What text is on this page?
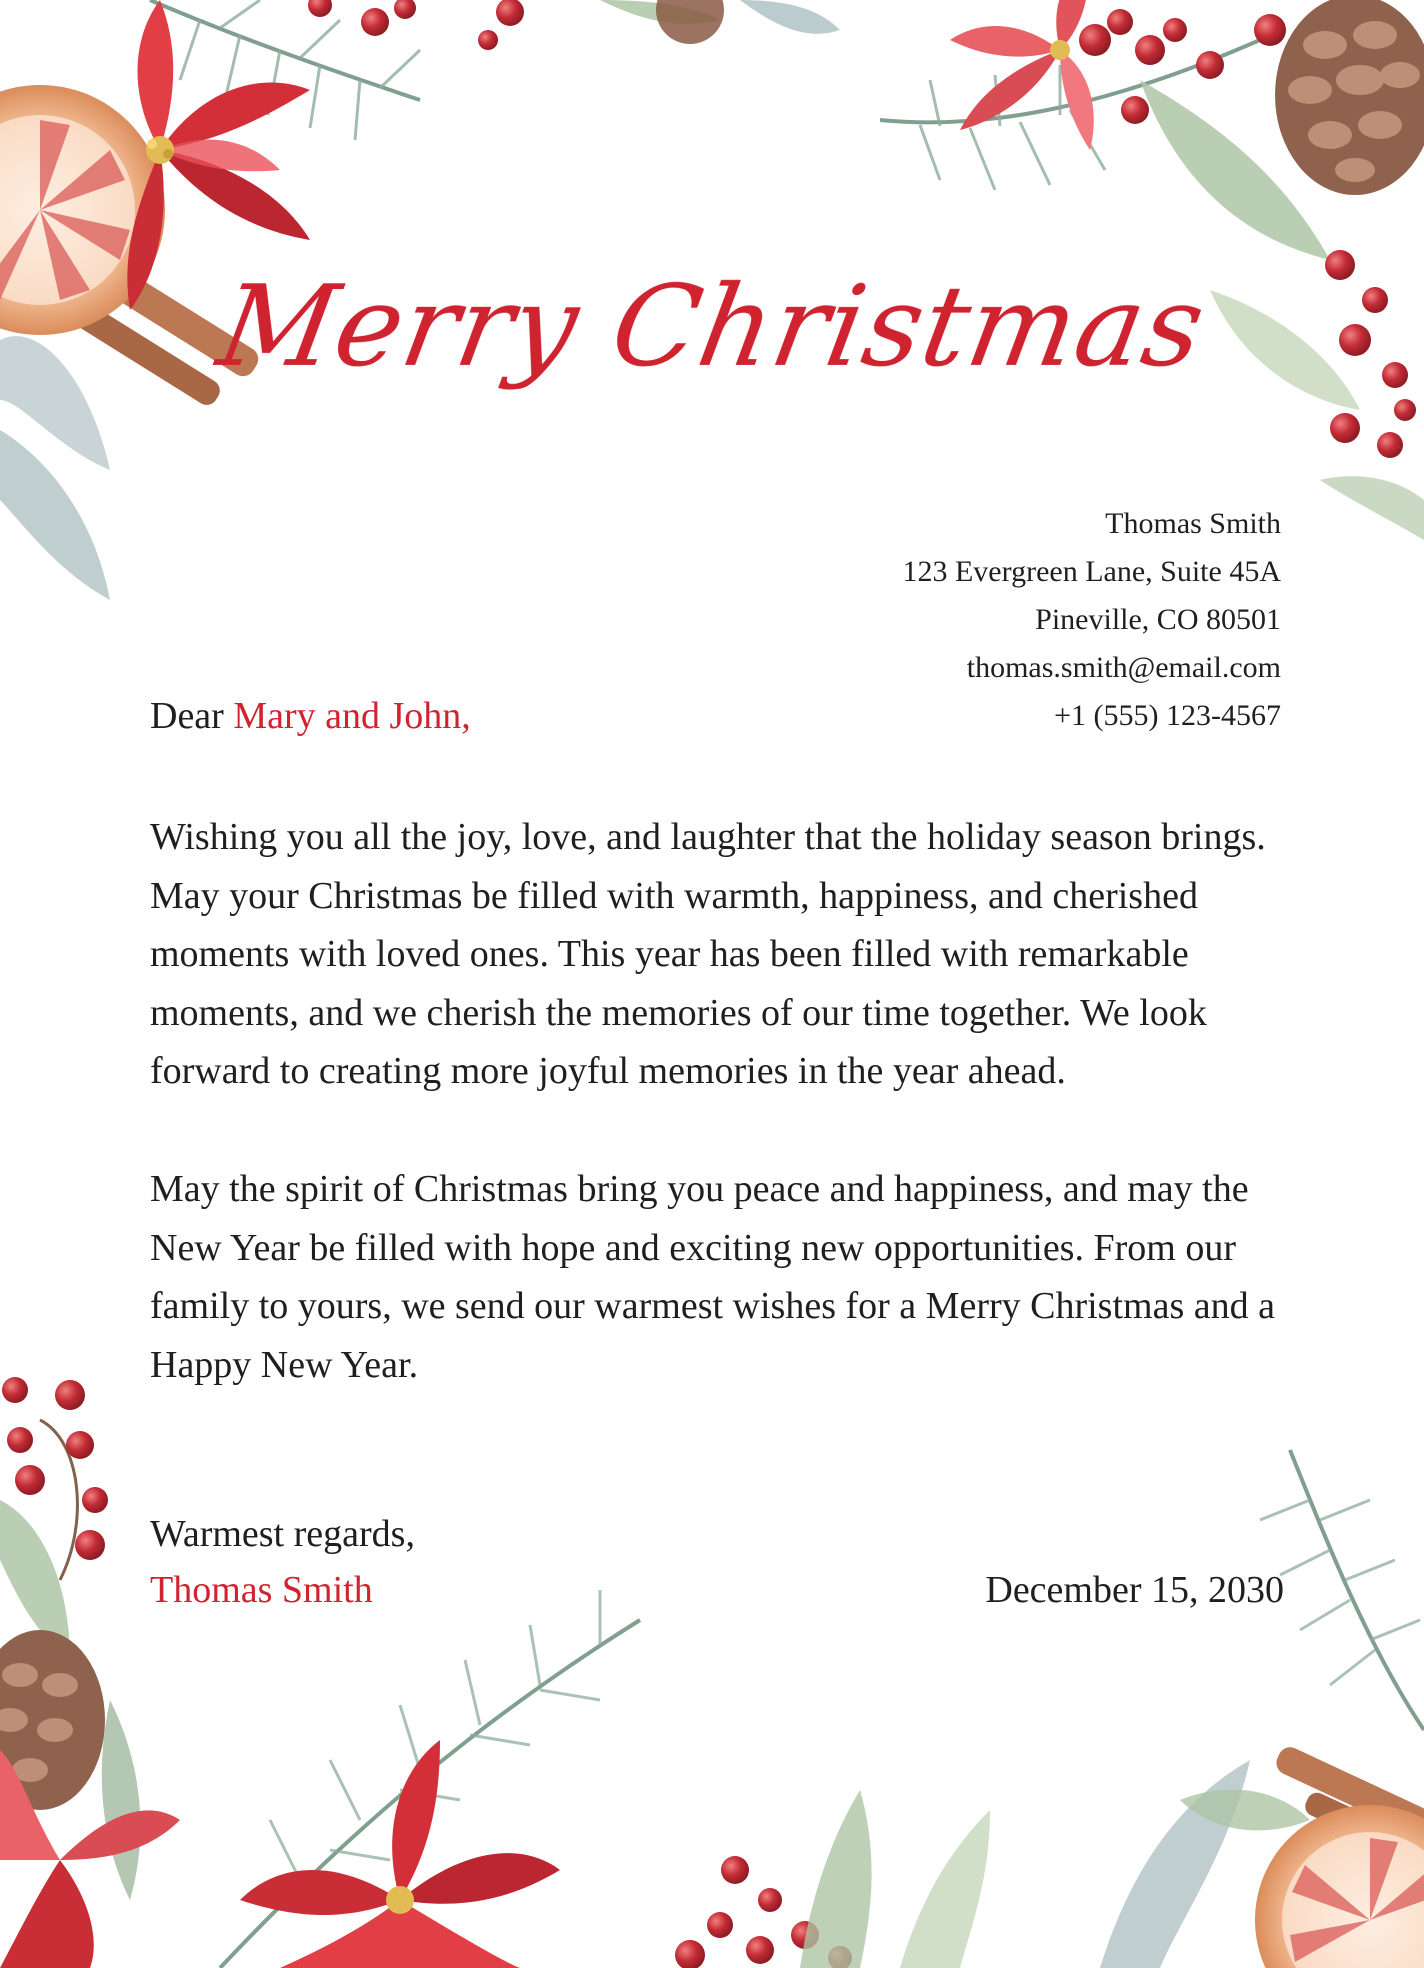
Merry Christmas
Thomas Smith
123 Evergreen Lane, Suite 45A
Pineville, CO 80501
thomas.smith@email.com
+1 (555) 123-4567
Dear Mary and John,
Wishing you all the joy, love, and laughter that the holiday season brings. May your Christmas be filled with warmth, happiness, and cherished moments with loved ones. This year has been filled with remarkable moments, and we cherish the memories of our time together. We look forward to creating more joyful memories in the year ahead.
May the spirit of Christmas bring you peace and happiness, and may the New Year be filled with hope and exciting new opportunities. From our family to yours, we send our warmest wishes for a Merry Christmas and a Happy New Year.
Warmest regards,
Thomas Smith	December 15, 2030
